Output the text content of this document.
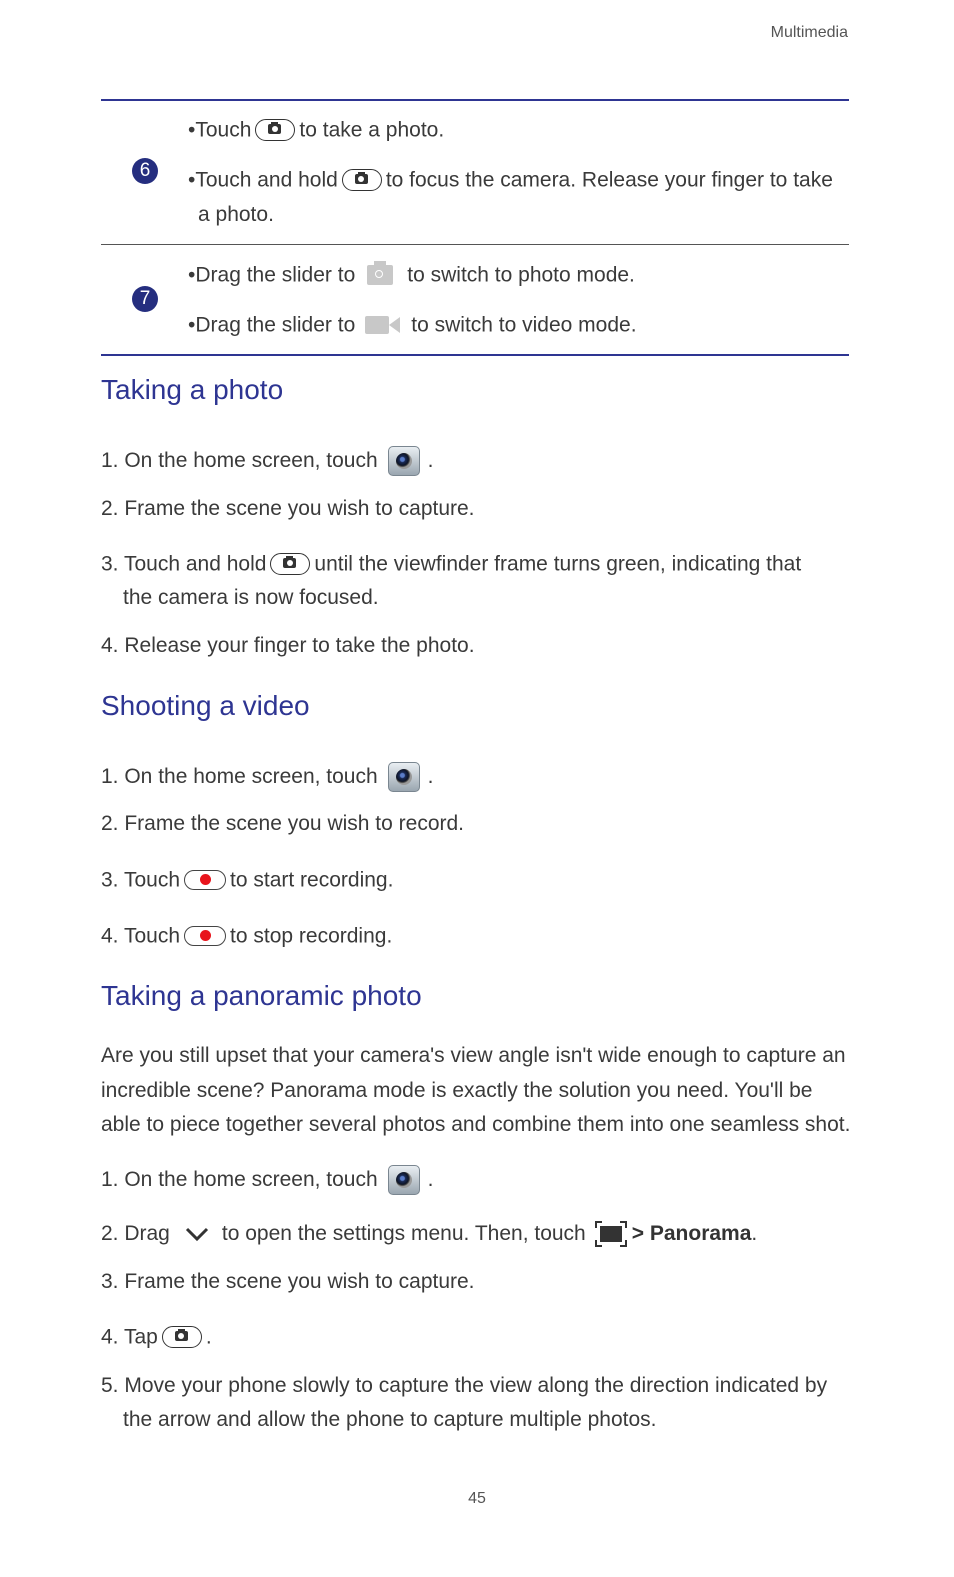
Multimedia
6
•Touch to take a photo.
•Touch and hold to focus the camera. Release your finger to take
a photo.
7
•Drag the slider to to switch to photo mode.
•Drag the slider to	to switch to video mode.
Taking a photo
1. On the home screen, touch .
2. Frame the scene you wish to capture.
3. Touch and hold until the viewfinder frame turns green, indicating that
the camera is now focused.
4. Release your finger to take the photo.
Shooting a video
1. On the home screen, touch .
2. Frame the scene you wish to record.
3. Touch to start recording.
4. Touch to stop recording.
Taking a panoramic photo
Are you still upset that your camera's view angle isn't wide enough to capture an incredible scene? Panorama mode is exactly the solution you need. You'll be able to piece together several photos and combine them into one seamless shot.
1. On the home screen, touch .
2. Drag to open the settings menu. Then, touch > Panorama.
3. Frame the scene you wish to capture.
4. Tap .
5. Move your phone slowly to capture the view along the direction indicated by
the arrow and allow the phone to capture multiple photos.
45
